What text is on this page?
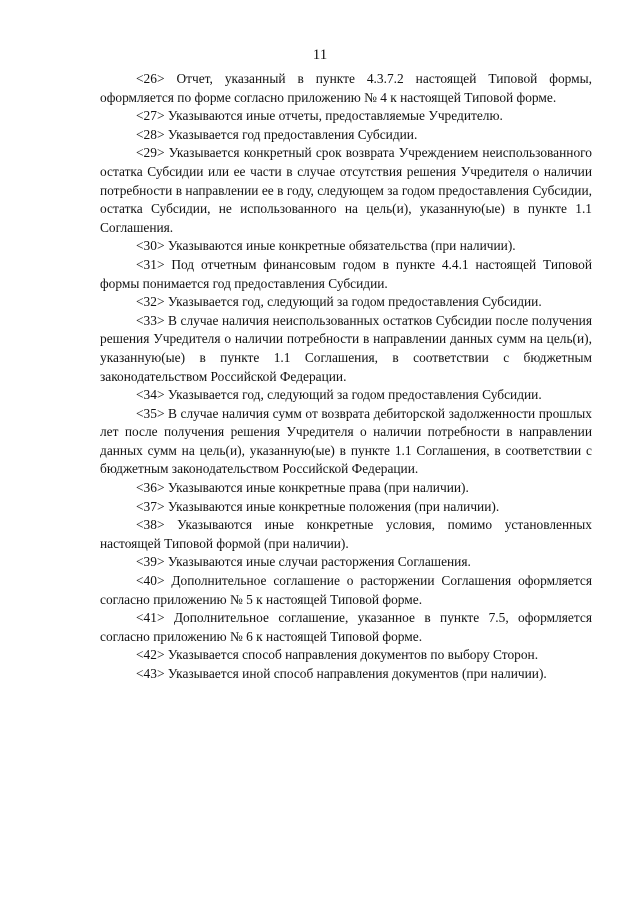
11

<26> Отчет, указанный в пункте 4.3.7.2 настоящей Типовой формы, оформляется по форме согласно приложению № 4 к настоящей Типовой форме.

<27> Указываются иные отчеты, предоставляемые Учредителю.

<28> Указывается год предоставления Субсидии.

<29> Указывается конкретный срок возврата Учреждением неиспользованного остатка Субсидии или ее части в случае отсутствия решения Учредителя о наличии потребности в направлении ее в году, следующем за годом предоставления Субсидии, остатка Субсидии, не использованного на цель(и), указанную(ые) в пункте 1.1 Соглашения.

<30> Указываются иные конкретные обязательства (при наличии).

<31> Под отчетным финансовым годом в пункте 4.4.1 настоящей Типовой формы понимается год предоставления Субсидии.

<32> Указывается год, следующий за годом предоставления Субсидии.

<33> В случае наличия неиспользованных остатков Субсидии после получения решения Учредителя о наличии потребности в направлении данных сумм на цель(и), указанную(ые) в пункте 1.1 Соглашения, в соответствии с бюджетным законодательством Российской Федерации.

<34> Указывается год, следующий за годом предоставления Субсидии.

<35> В случае наличия сумм от возврата дебиторской задолженности прошлых лет после получения решения Учредителя о наличии потребности в направлении данных сумм на цель(и), указанную(ые) в пункте 1.1 Соглашения, в соответствии с бюджетным законодательством Российской Федерации.

<36> Указываются иные конкретные права (при наличии).

<37> Указываются иные конкретные положения (при наличии).

<38> Указываются иные конкретные условия, помимо установленных настоящей Типовой формой (при наличии).

<39> Указываются иные случаи расторжения Соглашения.

<40> Дополнительное соглашение о расторжении Соглашения оформляется согласно приложению № 5 к настоящей Типовой форме.

<41> Дополнительное соглашение, указанное в пункте 7.5, оформляется согласно приложению № 6 к настоящей Типовой форме.

<42> Указывается способ направления документов по выбору Сторон.

<43> Указывается иной способ направления документов (при наличии).
